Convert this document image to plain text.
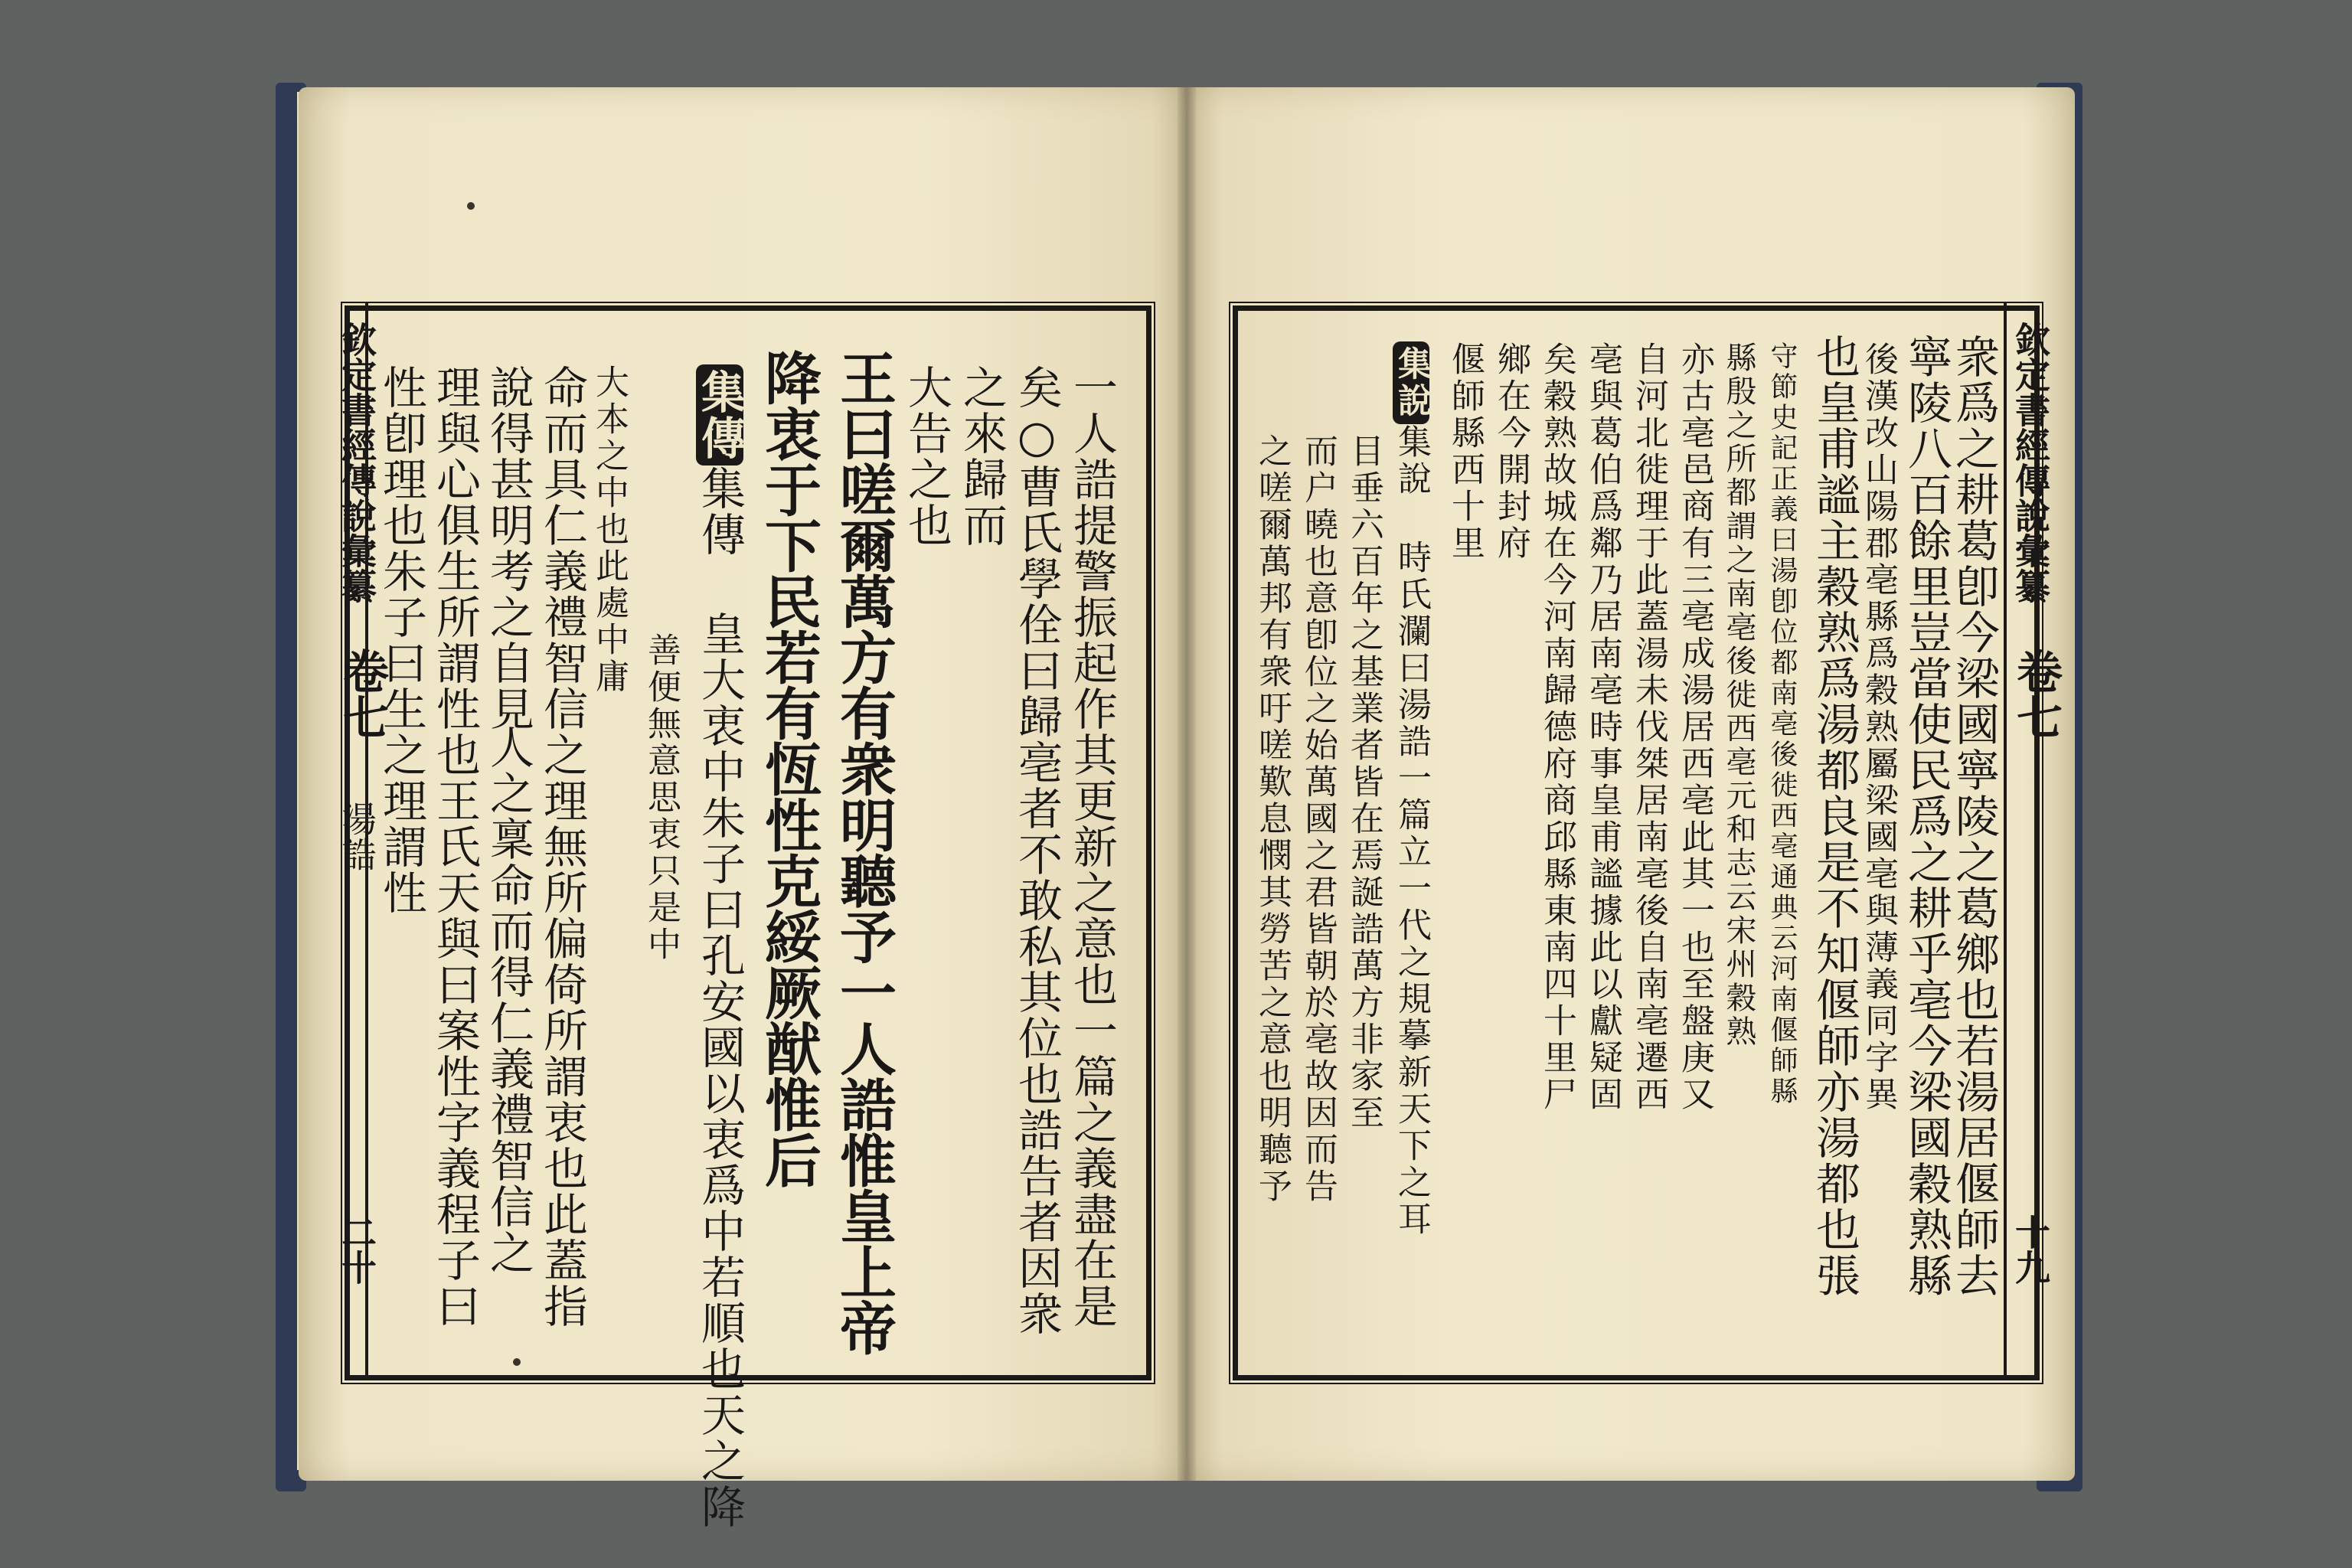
欽定書經傳說彙纂
卷七
湯誥
二十	一人誥提警振起作其更新之意也一篇之義盡在是
矣○曹氏學佺曰歸亳者不敢私其位也誥告者因衆
之來歸而
大告之也
王曰嗟爾萬方有衆明聽予一人誥惟皇上帝
降衷于下民若有恆性克綏厥猷惟后
集傳集傳 皇大衷中朱子曰孔安國以衷爲中若順也天之降
善便無意思衷只是中
大本之中也此處中庸
命而具仁義禮智信之理無所偏倚所謂衷也此蓋指
人之稟命而得仁義禮智信之
說得甚明考之自見
理與心俱生所謂性也王氏天與曰案性字義程子曰
性卽理也朱子曰生之理謂性	欽定書經傳說彙纂
卷七
十九
衆爲之耕葛卽今梁國寧陵之葛鄉也若湯居偃師去
寧陵八百餘里豈當使民爲之耕乎亳今梁國穀熟縣
後漢改山陽郡亳縣爲穀熟屬梁國亳與薄義同字異
也皇甫謐主穀熟爲湯都良是不知偃師亦湯都也張
守節史記正義曰湯卽位都南亳後徙西亳通典云河南偃師縣
縣殷之所都謂之南亳後徙西亳元和志云宋州穀熟
亦古亳邑商有三亳成湯居西亳此其一也至盤庚又
自河北徙理于此蓋湯未伐桀居南亳後自南亳遷西
亳與葛伯爲鄰乃居南亳時事皇甫謐據此以獻疑固
矣穀熟故城在今河南歸德府商邱縣東南四十里尸
鄉在今開封府
偃師縣西十里
集說集說 時氏瀾曰湯誥一篇立一代之規摹新天下之耳
目垂六百年之基業者皆在焉誕誥萬方非家至
而户曉也意卽位之始萬國之君皆朝於亳故因而告
之嗟爾萬邦有衆吁嗟歎息憫其勞苦之意也明聽予
